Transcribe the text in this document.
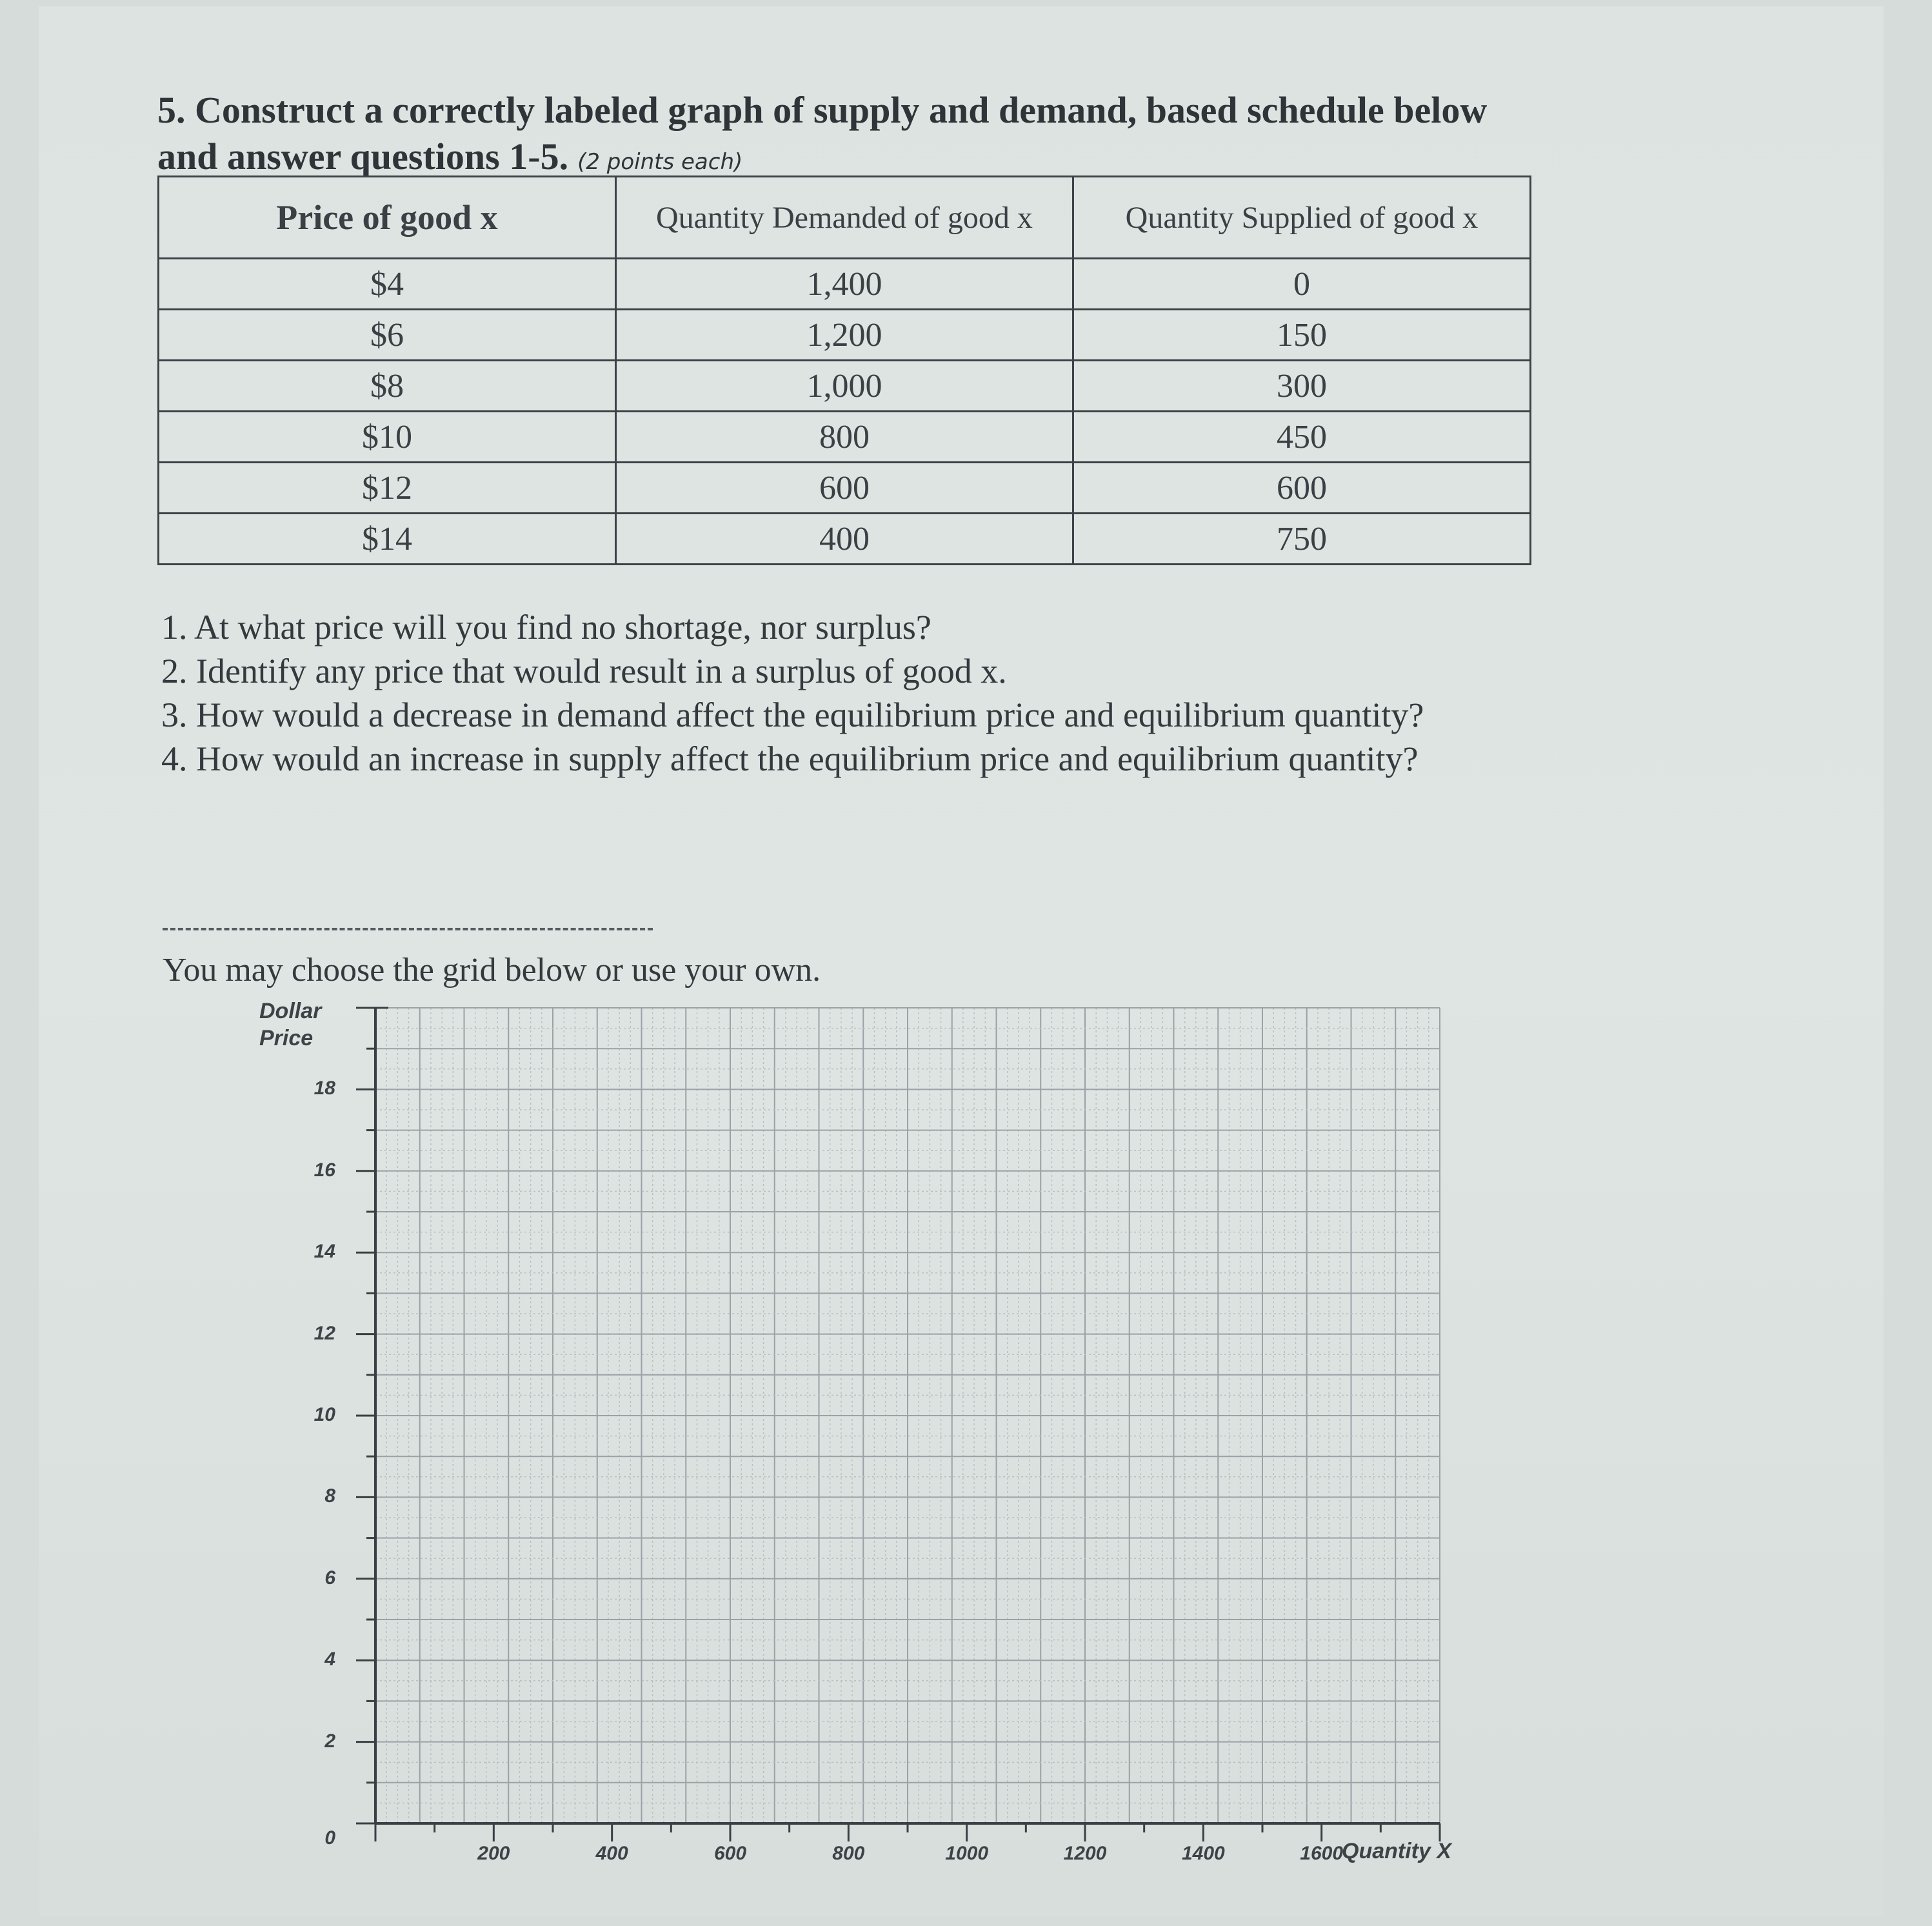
5. Construct a correctly labeled graph of supply and demand, based schedule below
and answer questions 1-5. (2 points each)
Price of good x	Quantity Demanded of good x	Quantity Supplied of good x
$4	1,400	0
$6	1,200	150
$8	1,000	300
$10	800	450
$12	600	600
$14	400	750

1. At what price will you find no shortage, nor surplus?

2. Identify any price that would result in a surplus of good x.

3. How would a decrease in demand affect the equilibrium price and equilibrium quantity?

4. How would an increase in supply affect the equilibrium price and equilibrium quantity?

You may choose the grid below or use your own.
Dollar Price
Quantity X
0
2
4
6
8
10
12
14
16
18
200	400	600	800	1000	1200	1400	1600
